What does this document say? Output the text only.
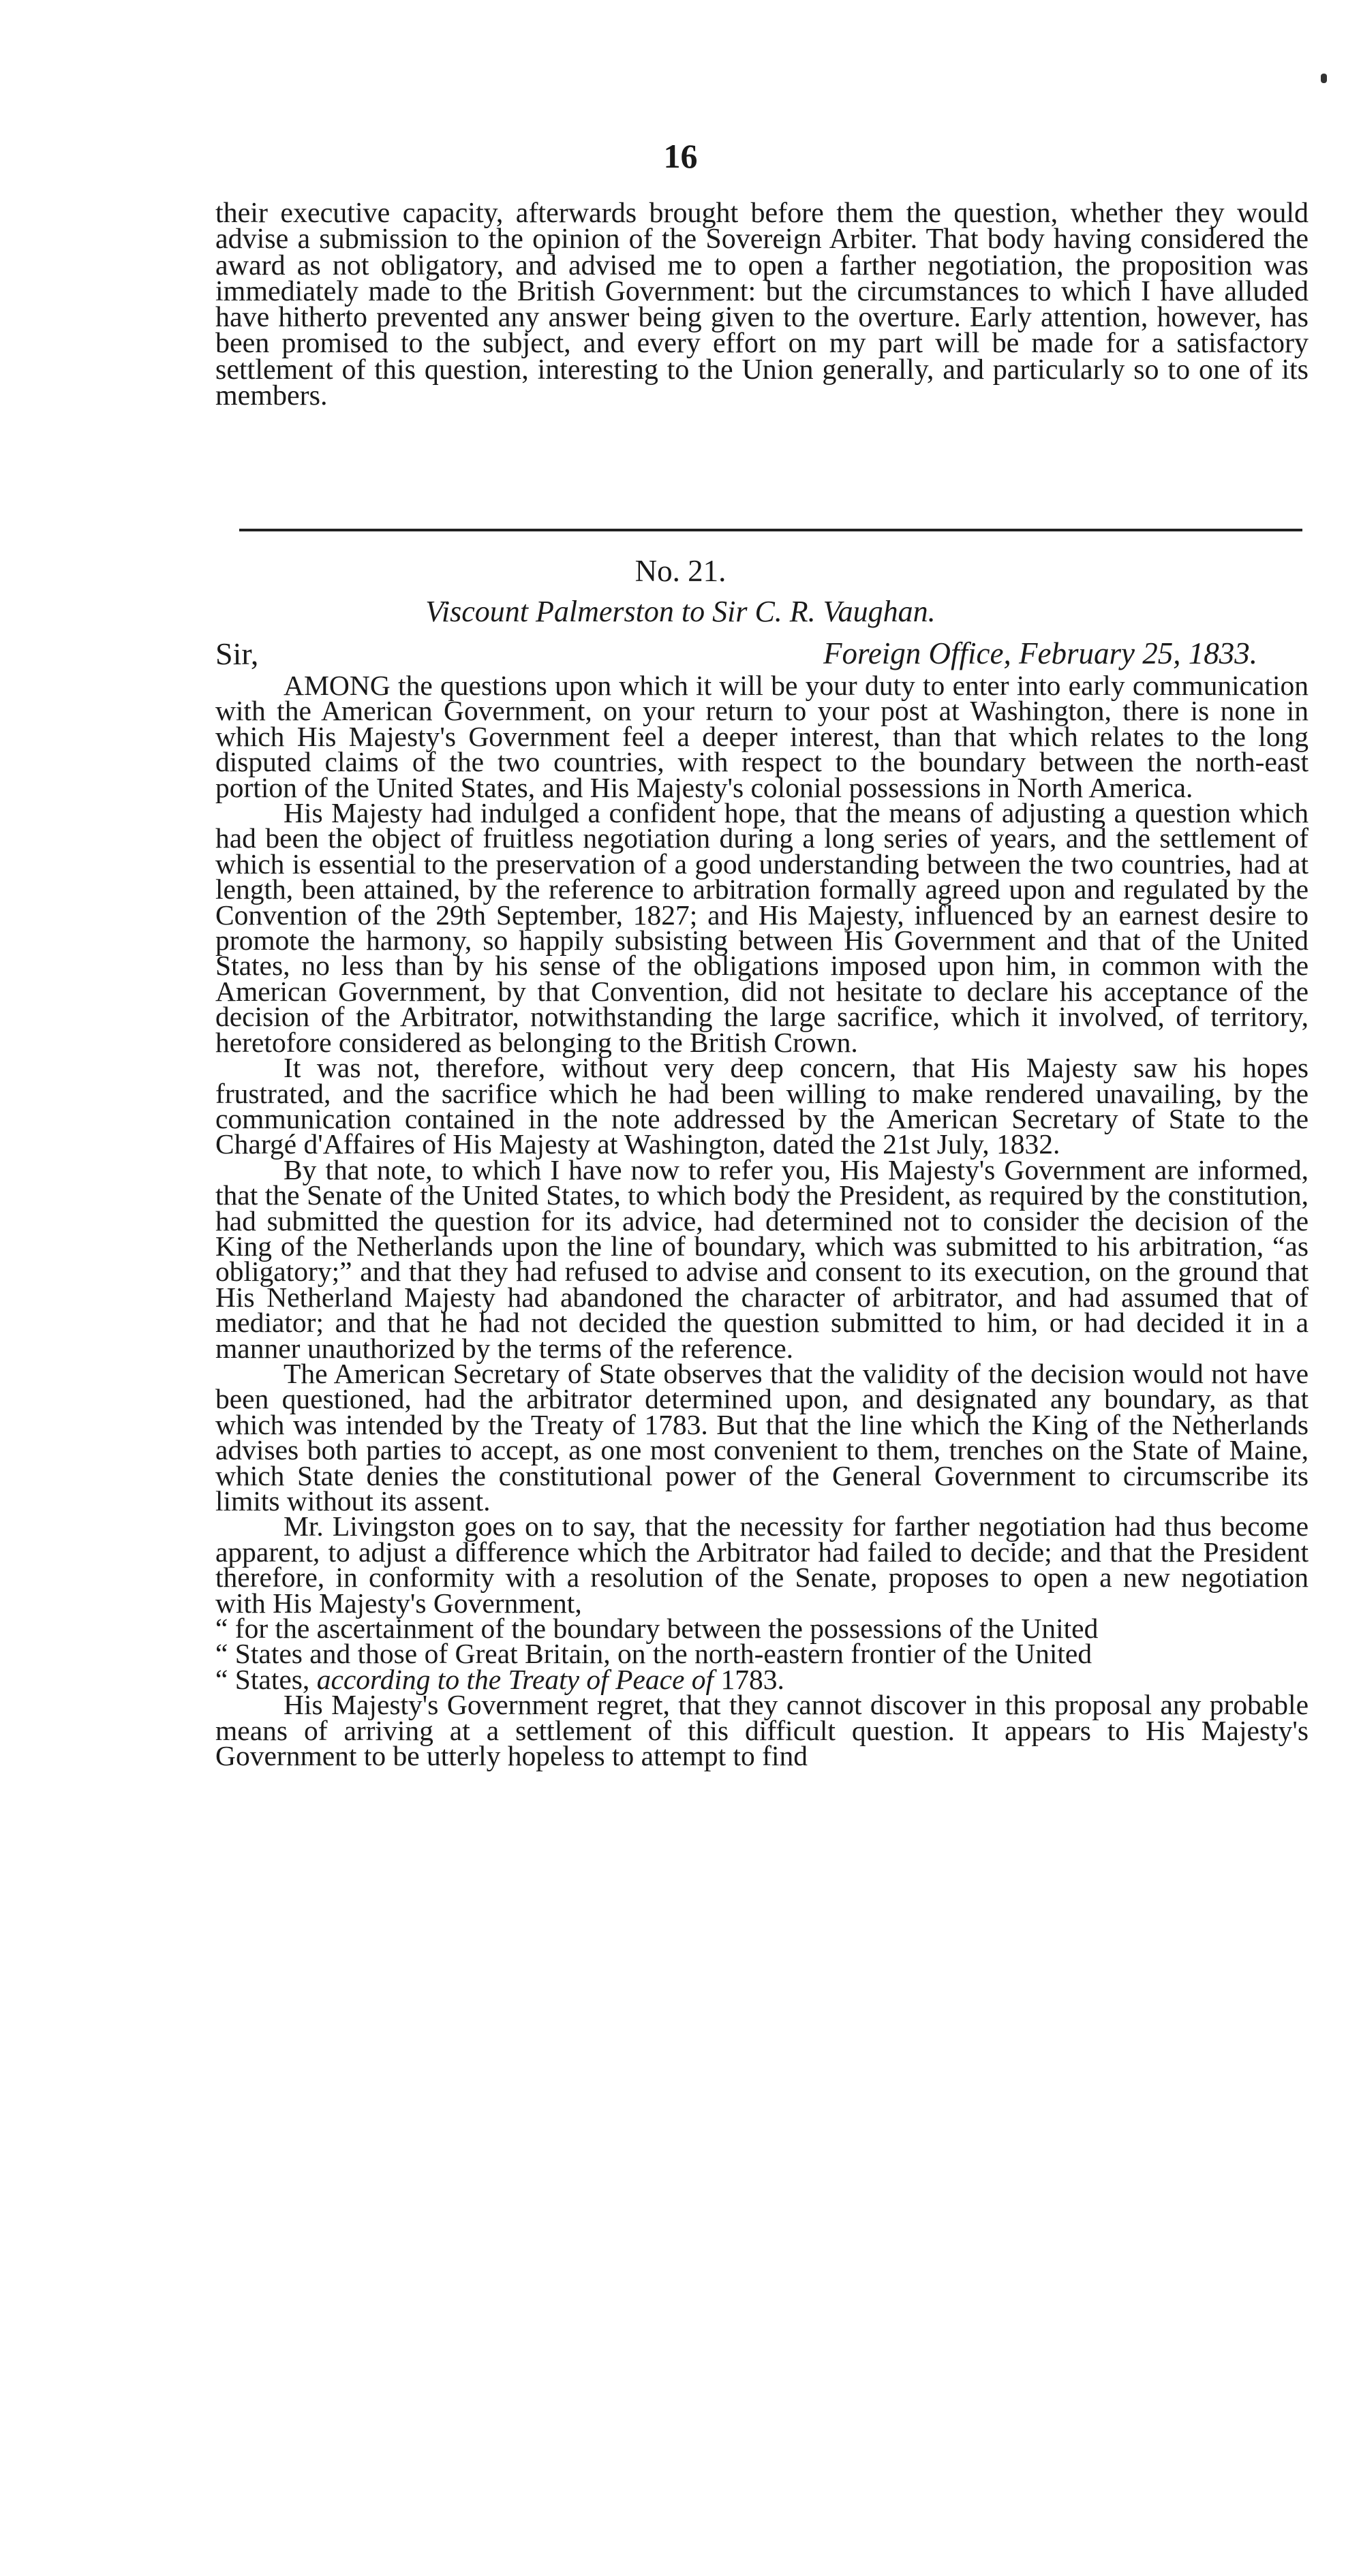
16

their executive capacity, afterwards brought before them the question, whether they would advise a submission to the opinion of the Sovereign Arbiter. That body having considered the award as not obligatory, and advised me to open a farther negotiation, the proposition was immediately made to the British Government: but the circumstances to which I have alluded have hitherto prevented any answer being given to the overture. Early attention, however, has been promised to the subject, and every effort on my part will be made for a satisfactory settlement of this question, interesting to the Union generally, and particularly so to one of its members.

No. 21.
Viscount Palmerston to Sir C. R. Vaughan.
Sir,	Foreign Office, February 25, 1833.

AMONG the questions upon which it will be your duty to enter into early communication with the American Government, on your return to your post at Washington, there is none in which His Majesty's Government feel a deeper interest, than that which relates to the long disputed claims of the two countries, with respect to the boundary between the north-east portion of the United States, and His Majesty's colonial possessions in North America.

His Majesty had indulged a confident hope, that the means of adjusting a question which had been the object of fruitless negotiation during a long series of years, and the settlement of which is essential to the preservation of a good understanding between the two countries, had at length, been attained, by the reference to arbitration formally agreed upon and regulated by the Convention of the 29th September, 1827; and His Majesty, influenced by an earnest desire to promote the harmony, so happily subsisting between His Government and that of the United States, no less than by his sense of the obligations imposed upon him, in common with the American Government, by that Convention, did not hesitate to declare his acceptance of the decision of the Arbitrator, notwithstanding the large sacrifice, which it involved, of territory, heretofore considered as belonging to the British Crown.

It was not, therefore, without very deep concern, that His Majesty saw his hopes frustrated, and the sacrifice which he had been willing to make rendered unavailing, by the communication contained in the note addressed by the American Secretary of State to the Chargé d'Affaires of His Majesty at Washington, dated the 21st July, 1832.

By that note, to which I have now to refer you, His Majesty's Government are informed, that the Senate of the United States, to which body the President, as required by the constitution, had submitted the question for its advice, had determined not to consider the decision of the King of the Netherlands upon the line of boundary, which was submitted to his arbitration, “as obligatory;” and that they had refused to advise and consent to its execution, on the ground that His Netherland Majesty had abandoned the character of arbitrator, and had assumed that of mediator; and that he had not decided the question submitted to him, or had decided it in a manner unauthorized by the terms of the reference.

The American Secretary of State observes that the validity of the decision would not have been questioned, had the arbitrator determined upon, and designated any boundary, as that which was intended by the Treaty of 1783. But that the line which the King of the Netherlands advises both parties to accept, as one most convenient to them, trenches on the State of Maine, which State denies the constitutional power of the General Government to circumscribe its limits without its assent.

Mr. Livingston goes on to say, that the necessity for farther negotiation had thus become apparent, to adjust a difference which the Arbitrator had failed to decide; and that the President therefore, in conformity with a resolution of the Senate, proposes to open a new negotiation with His Majesty's Government,

“ for the ascertainment of the boundary between the possessions of the United

“ States and those of Great Britain, on the north-eastern frontier of the United

“ States, according to the Treaty of Peace of 1783.

His Majesty's Government regret, that they cannot discover in this proposal any probable means of arriving at a settlement of this difficult question. It appears to His Majesty's Government to be utterly hopeless to attempt to find
